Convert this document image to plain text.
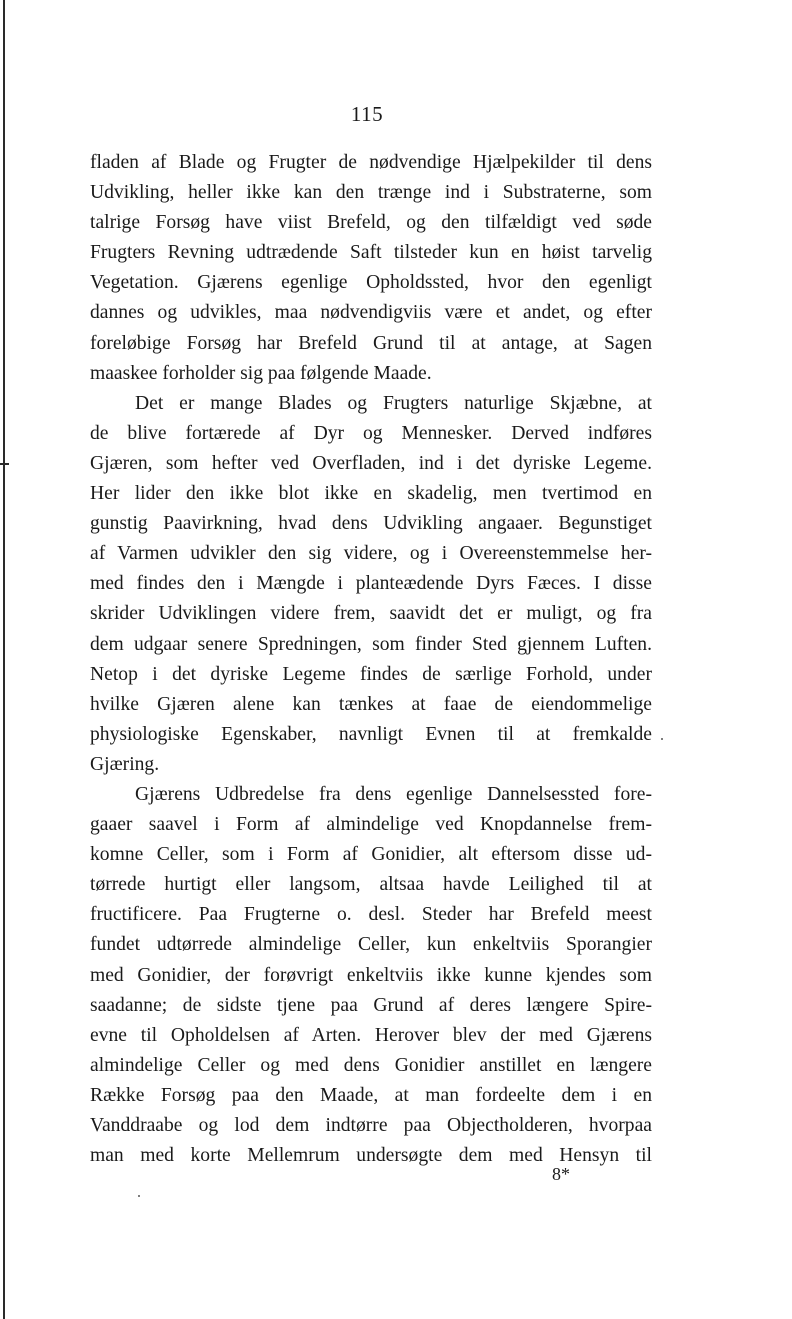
115

fladen af Blade og Frugter de nødvendige Hjælpekilder til dens
Udvikling, heller ikke kan den trænge ind i Substraterne, som
talrige Forsøg have viist Brefeld, og den tilfældigt ved søde
Frugters Revning udtrædende Saft tilsteder kun en høist tarvelig
Vegetation. Gjærens egenlige Opholdssted, hvor den egenligt
dannes og udvikles, maa nødvendigviis være et andet, og efter
foreløbige Forsøg har Brefeld Grund til at antage, at Sagen
maaskee forholder sig paa følgende Maade.

Det er mange Blades og Frugters naturlige Skjæbne, at
de blive fortærede af Dyr og Mennesker. Derved indføres
Gjæren, som hefter ved Overfladen, ind i det dyriske Legeme.
Her lider den ikke blot ikke en skadelig, men tvertimod en
gunstig Paavirkning, hvad dens Udvikling angaaer. Begunstiget
af Varmen udvikler den sig videre, og i Overeenstemmelse her-
med findes den i Mængde i planteædende Dyrs Fæces. I disse
skrider Udviklingen videre frem, saavidt det er muligt, og fra
dem udgaar senere Spredningen, som finder Sted gjennem Luften.
Netop i det dyriske Legeme findes de særlige Forhold, under
hvilke Gjæren alene kan tænkes at faae de eiendommelige
physiologiske Egenskaber, navnligt Evnen til at fremkalde
Gjæring.

Gjærens Udbredelse fra dens egenlige Dannelsessted fore-
gaaer saavel i Form af almindelige ved Knopdannelse frem-
komne Celler, som i Form af Gonidier, alt eftersom disse ud-
tørrede hurtigt eller langsom, altsaa havde Leilighed til at
fructificere. Paa Frugterne o. desl. Steder har Brefeld meest
fundet udtørrede almindelige Celler, kun enkeltviis Sporangier
med Gonidier, der forøvrigt enkeltviis ikke kunne kjendes som
saadanne; de sidste tjene paa Grund af deres længere Spire-
evne til Opholdelsen af Arten. Herover blev der med Gjærens
almindelige Celler og med dens Gonidier anstillet en længere
Række Forsøg paa den Maade, at man fordeelte dem i en
Vanddraabe og lod dem indtørre paa Objectholderen, hvorpaa
man med korte Mellemrum undersøgte dem med Hensyn til

8*
